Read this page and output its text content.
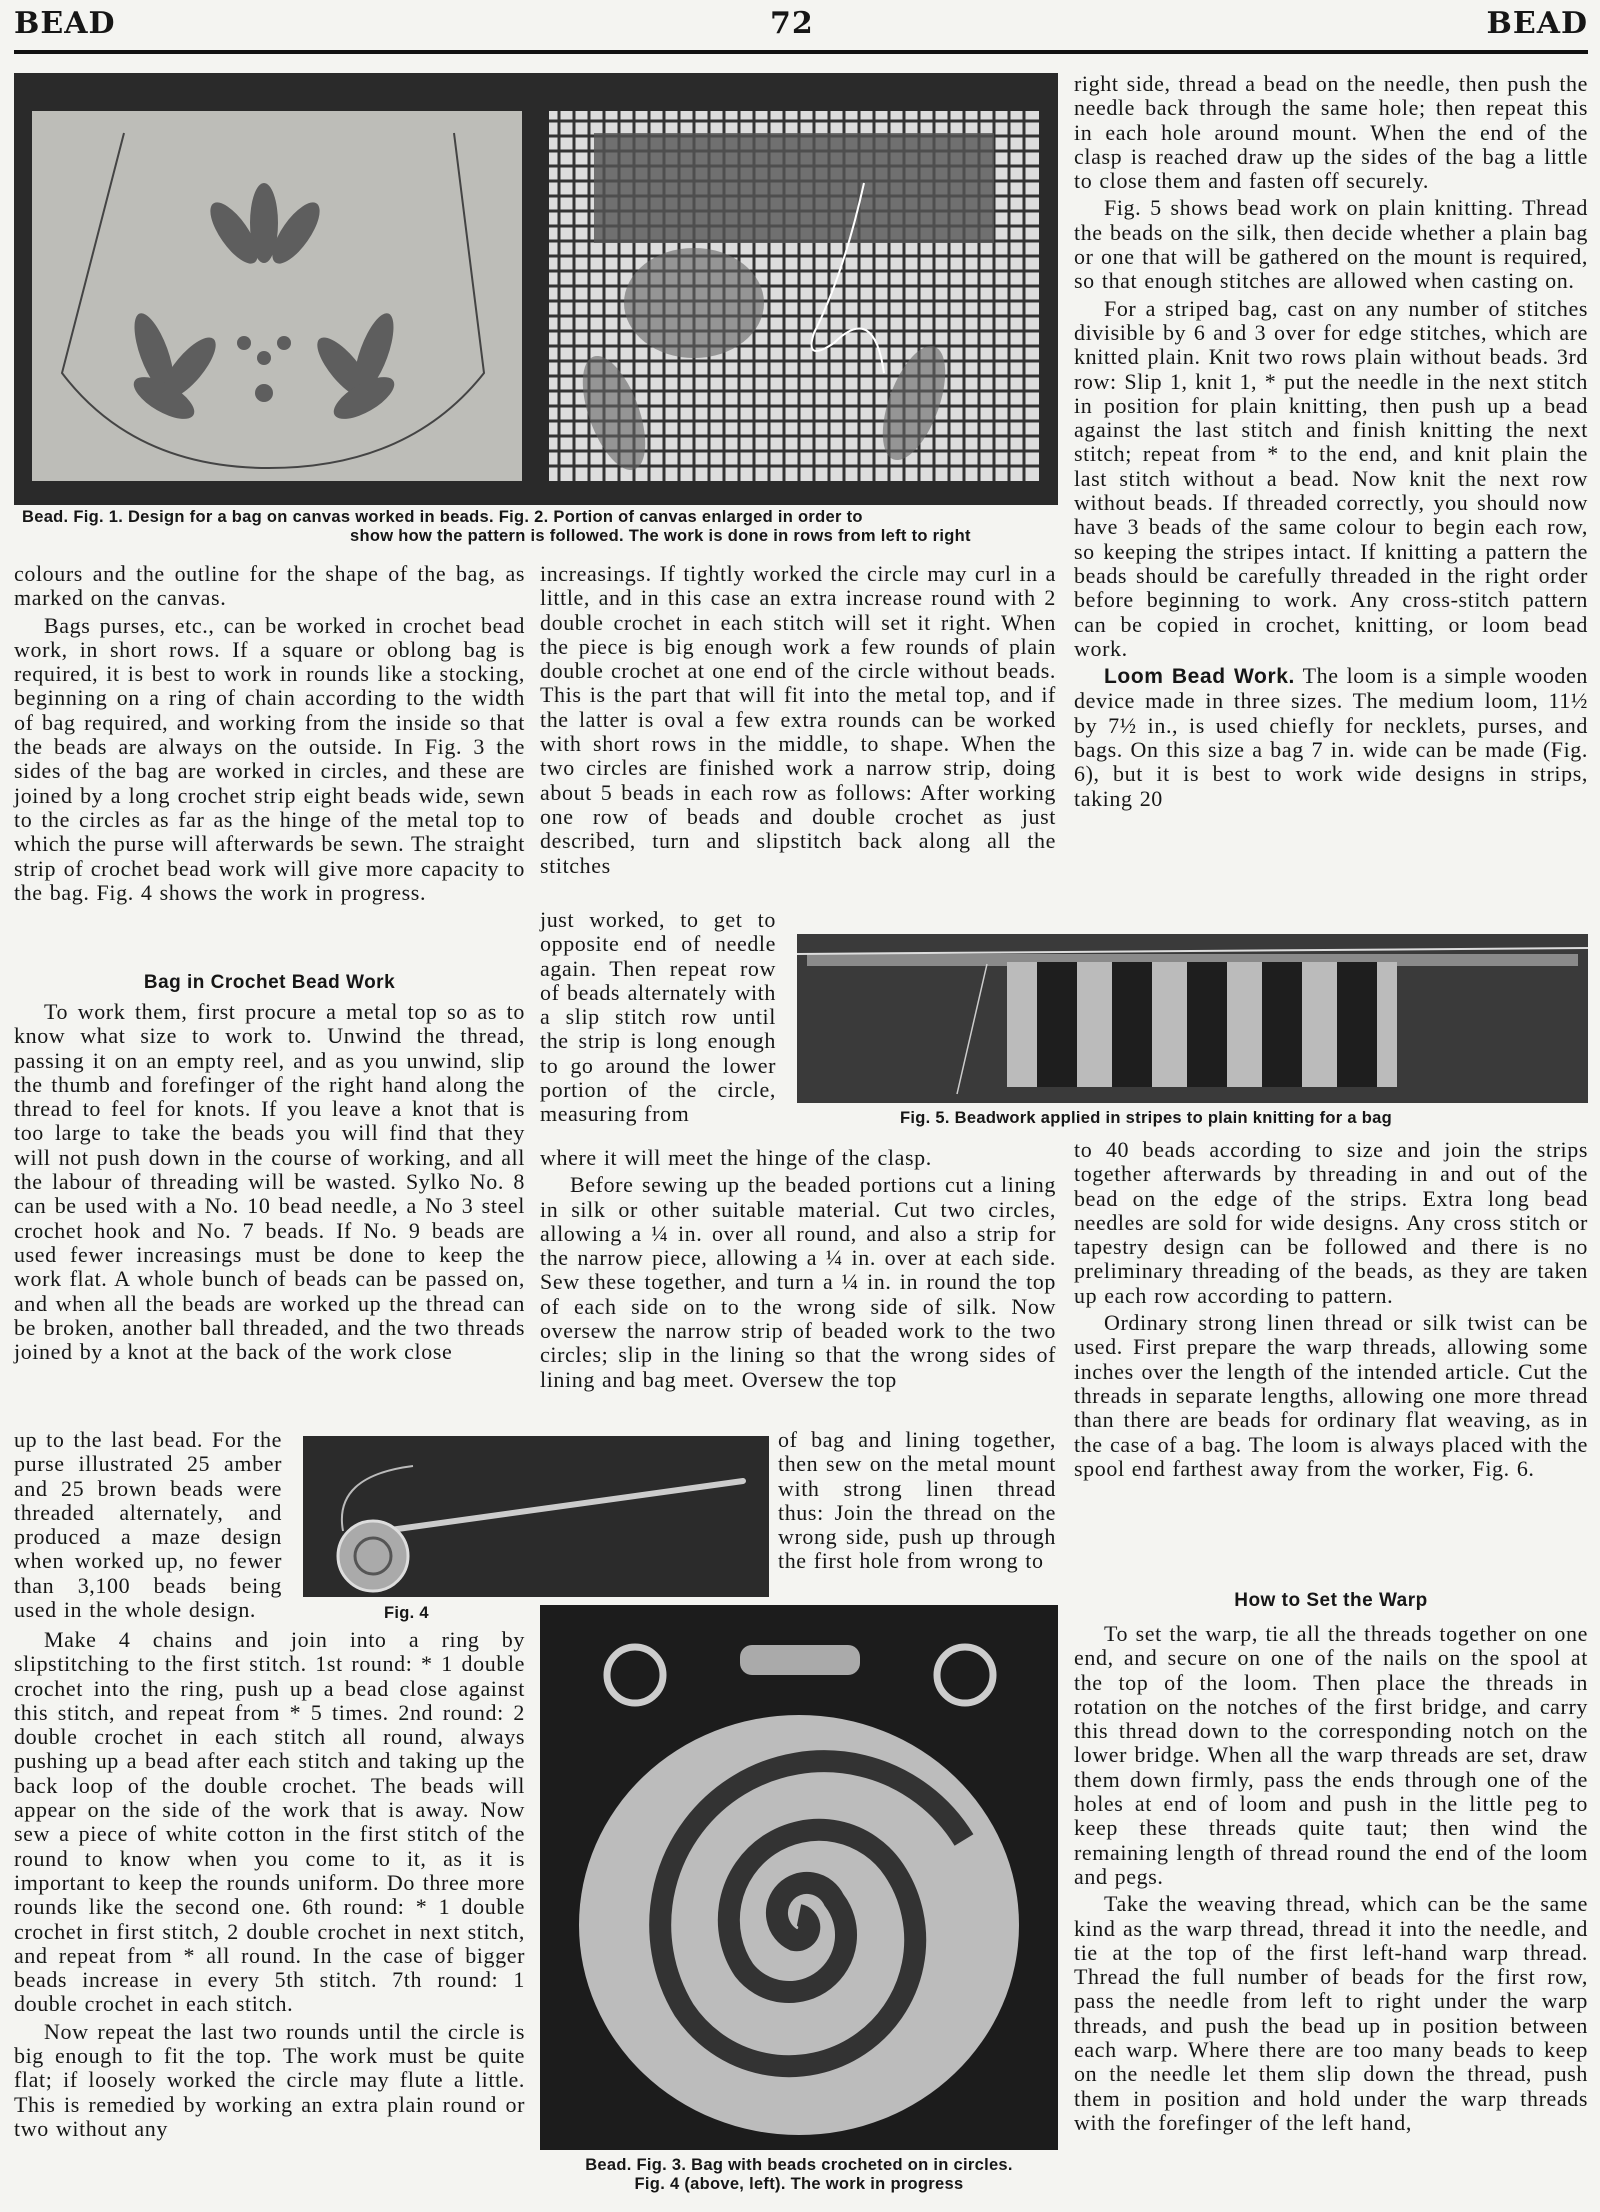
BEAD	72	BEAD
Bead. Fig. 1. Design for a bag on canvas worked in beads. Fig. 2. Portion of canvas enlarged in order to
show how the pattern is followed. The work is done in rows from left to right

colours and the outline for the shape of the bag, as marked on the canvas.

Bags purses, etc., can be worked in crochet bead work, in short rows. If a square or oblong bag is required, it is best to work in rounds like a stocking, beginning on a ring of chain according to the width of bag required, and working from the inside so that the beads are always on the outside. In Fig. 3 the sides of the bag are worked in circles, and these are joined by a long crochet strip eight beads wide, sewn to the circles as far as the hinge of the metal top to which the purse will afterwards be sewn. The straight strip of crochet bead work will give more capacity to the bag. Fig. 4 shows the work in progress.

Bag in Crochet Bead Work

To work them, first procure a metal top so as to know what size to work to. Unwind the thread, passing it on an empty reel, and as you unwind, slip the thumb and forefinger of the right hand along the thread to feel for knots. If you leave a knot that is too large to take the beads you will find that they will not push down in the course of working, and all the labour of threading will be wasted. Sylko No. 8 can be used with a No. 10 bead needle, a No 3 steel crochet hook and No. 7 beads. If No. 9 beads are used fewer increasings must be done to keep the work flat. A whole bunch of beads can be passed on, and when all the beads are worked up the thread can be broken, another ball threaded, and the two threads joined by a knot at the back of the work close

up to the last bead. For the purse illustrated 25 amber and 25 brown beads were threaded alternately, and produced a maze design when worked up, no fewer than 3,100 beads being used in the whole design.

Make 4 chains and join into a ring by slipstitching to the first stitch. 1st round: * 1 double crochet into the ring, push up a bead close against this stitch, and repeat from * 5 times. 2nd round: 2 double crochet in each stitch all round, always pushing up a bead after each stitch and taking up the back loop of the double crochet. The beads will appear on the side of the work that is away. Now sew a piece of white cotton in the first stitch of the round to know when you come to it, as it is important to keep the rounds uniform. Do three more rounds like the second one. 6th round: * 1 double crochet in first stitch, 2 double crochet in next stitch, and repeat from * all round. In the case of bigger beads increase in every 5th stitch. 7th round: 1 double crochet in each stitch.

Now repeat the last two rounds until the circle is big enough to fit the top. The work must be quite flat; if loosely worked the circle may flute a little. This is remedied by working an extra plain round or two without any

increasings. If tightly worked the circle may curl in a little, and in this case an extra increase round with 2 double crochet in each stitch will set it right. When the piece is big enough work a few rounds of plain double crochet at one end of the circle without beads. This is the part that will fit into the metal top, and if the latter is oval a few extra rounds can be worked with short rows in the middle, to shape. When the two circles are finished work a narrow strip, doing about 5 beads in each row as follows: After working one row of beads and double crochet as just described, turn and slipstitch back along all the stitches

just worked, to get to opposite end of needle again. Then repeat row of beads alternately with a slip stitch row until the strip is long enough to go around the lower portion of the circle, measuring from

where it will meet the hinge of the clasp.

Before sewing up the beaded portions cut a lining in silk or other suitable material. Cut two circles, allowing a ¼ in. over all round, and also a strip for the narrow piece, allowing a ¼ in. over at each side. Sew these together, and turn a ¼ in. in round the top of each side on to the wrong side of silk. Now oversew the narrow strip of beaded work to the two circles; slip in the lining so that the wrong sides of lining and bag meet. Oversew the top

of bag and lining together, then sew on the metal mount with strong linen thread thus: Join the thread on the wrong side, push up through the first hole from wrong to

Fig. 5. Beadwork applied in stripes to plain knitting for a bag

right side, thread a bead on the needle, then push the needle back through the same hole; then repeat this in each hole around mount. When the end of the clasp is reached draw up the sides of the bag a little to close them and fasten off securely.

Fig. 5 shows bead work on plain knitting. Thread the beads on the silk, then decide whether a plain bag or one that will be gathered on the mount is required, so that enough stitches are allowed when casting on.

For a striped bag, cast on any number of stitches divisible by 6 and 3 over for edge stitches, which are knitted plain. Knit two rows plain without beads. 3rd row: Slip 1, knit 1, * put the needle in the next stitch in position for plain knitting, then push up a bead against the last stitch and finish knitting the next stitch; repeat from * to the end, and knit plain the last stitch without a bead. Now knit the next row without beads. If threaded correctly, you should now have 3 beads of the same colour to begin each row, so keeping the stripes intact. If knitting a pattern the beads should be carefully threaded in the right order before beginning to work. Any cross-stitch pattern can be copied in crochet, knitting, or loom bead work.

Loom Bead Work. The loom is a simple wooden device made in three sizes. The medium loom, 11½ by 7½ in., is used chiefly for necklets, purses, and bags. On this size a bag 7 in. wide can be made (Fig. 6), but it is best to work wide designs in strips, taking 20

to 40 beads according to size and join the strips together afterwards by threading in and out of the bead on the edge of the strips. Extra long bead needles are sold for wide designs. Any cross stitch or tapestry design can be followed and there is no preliminary threading of the beads, as they are taken up each row according to pattern.

Ordinary strong linen thread or silk twist can be used. First prepare the warp threads, allowing some inches over the length of the intended article. Cut the threads in separate lengths, allowing one more thread than there are beads for ordinary flat weaving, as in the case of a bag. The loom is always placed with the spool end farthest away from the worker, Fig. 6.

How to Set the Warp

To set the warp, tie all the threads together on one end, and secure on one of the nails on the spool at the top of the loom. Then place the threads in rotation on the notches of the first bridge, and carry this thread down to the corresponding notch on the lower bridge. When all the warp threads are set, draw them down firmly, pass the ends through one of the holes at end of loom and push in the little peg to keep these threads quite taut; then wind the remaining length of thread round the end of the loom and pegs.

Take the weaving thread, which can be the same kind as the warp thread, thread it into the needle, and tie at the top of the first left-hand warp thread. Thread the full number of beads for the first row, pass the needle from left to right under the warp threads, and push the bead up in position between each warp. Where there are too many beads to keep on the needle let them slip down the thread, push them in position and hold under the warp threads with the forefinger of the left hand,

Fig. 4
Bead. Fig. 3. Bag with beads crocheted on in circles.
Fig. 4 (above, left). The work in progress
